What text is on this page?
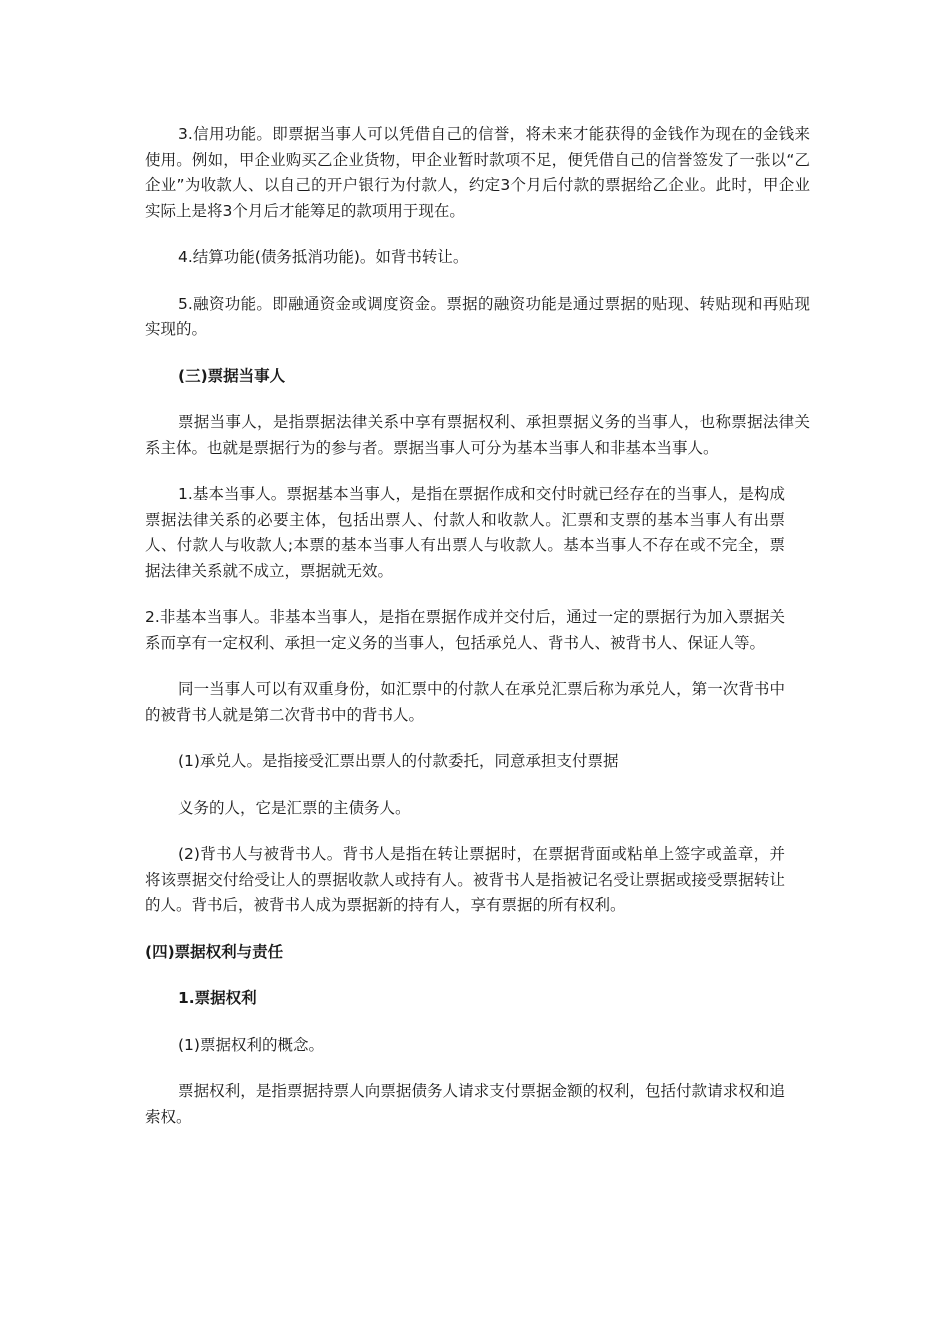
3.信用功能。即票据当事人可以凭借自己的信誉，将未来才能获得的金钱作为现在的金钱来使用。例如，甲企业购买乙企业货物，甲企业暂时款项不足，便凭借自己的信誉签发了一张以“乙企业”为收款人、以自己的开户银行为付款人，约定3个月后付款的票据给乙企业。此时，甲企业实际上是将3个月后才能筹足的款项用于现在。

4.结算功能(债务抵消功能)。如背书转让。

5.融资功能。即融通资金或调度资金。票据的融资功能是通过票据的贴现、转贴现和再贴现实现的。

(三)票据当事人

票据当事人，是指票据法律关系中享有票据权利、承担票据义务的当事人，也称票据法律关系主体。也就是票据行为的参与者。票据当事人可分为基本当事人和非基本当事人。

1.基本当事人。票据基本当事人，是指在票据作成和交付时就已经存在的当事人，是构成票据法律关系的必要主体，包括出票人、付款人和收款人。汇票和支票的基本当事人有出票人、付款人与收款人;本票的基本当事人有出票人与收款人。基本当事人不存在或不完全，票据法律关系就不成立，票据就无效。

2.非基本当事人。非基本当事人，是指在票据作成并交付后，通过一定的票据行为加入票据关系而享有一定权利、承担一定义务的当事人，包括承兑人、背书人、被背书人、保证人等。

同一当事人可以有双重身份，如汇票中的付款人在承兑汇票后称为承兑人，第一次背书中的被背书人就是第二次背书中的背书人。

(1)承兑人。是指接受汇票出票人的付款委托，同意承担支付票据

义务的人，它是汇票的主债务人。

(2)背书人与被背书人。背书人是指在转让票据时，在票据背面或粘单上签字或盖章，并将该票据交付给受让人的票据收款人或持有人。被背书人是指被记名受让票据或接受票据转让的人。背书后，被背书人成为票据新的持有人，享有票据的所有权利。

(四)票据权利与责任

1.票据权利

(1)票据权利的概念。

票据权利，是指票据持票人向票据债务人请求支付票据金额的权利，包括付款请求权和追索权。
